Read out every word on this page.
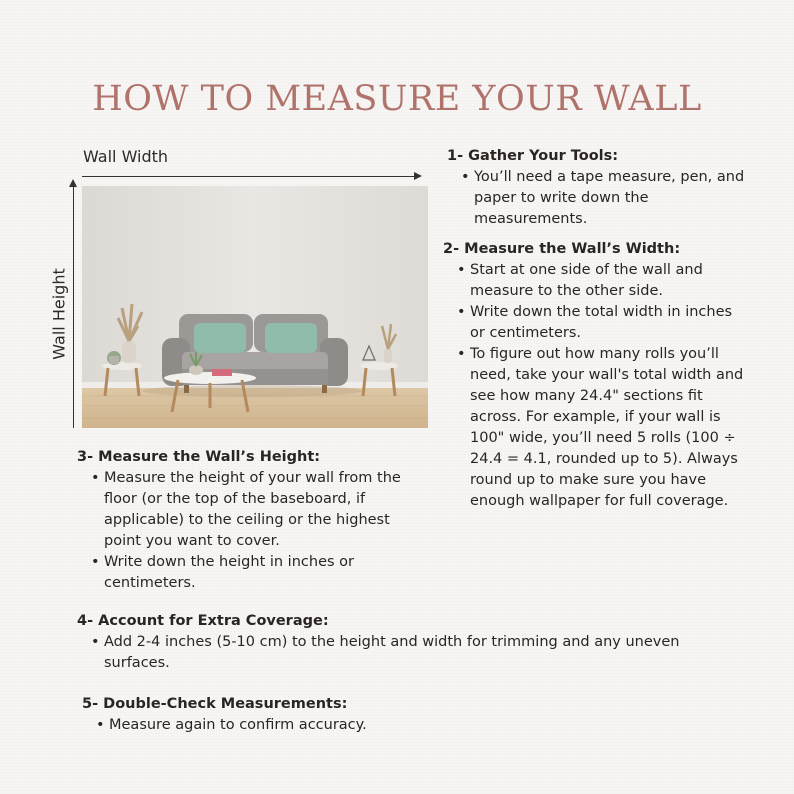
HOW TO MEASURE YOUR WALL
Wall Width
Wall Height
1- Gather Your Tools:
• You’ll need a tape measure, pen, and paper to write down the measurements.
2- Measure the Wall’s Width:
• Start at one side of the wall and measure to the other side.
• Write down the total width in inches or centimeters.
• To figure out how many rolls you’ll need, take your wall's total width and see how many 24.4" sections fit across. For example, if your wall is 100" wide, you’ll need 5 rolls (100 ÷ 24.4 = 4.1, rounded up to 5). Always round up to make sure you have enough wallpaper for full coverage.
3- Measure the Wall’s Height:
• Measure the height of your wall from the floor (or the top of the baseboard, if applicable) to the ceiling or the highest point you want to cover.
• Write down the height in inches or centimeters.
4- Account for Extra Coverage:
• Add 2-4 inches (5-10 cm) to the height and width for trimming and any uneven surfaces.
5- Double-Check Measurements:
• Measure again to confirm accuracy.
